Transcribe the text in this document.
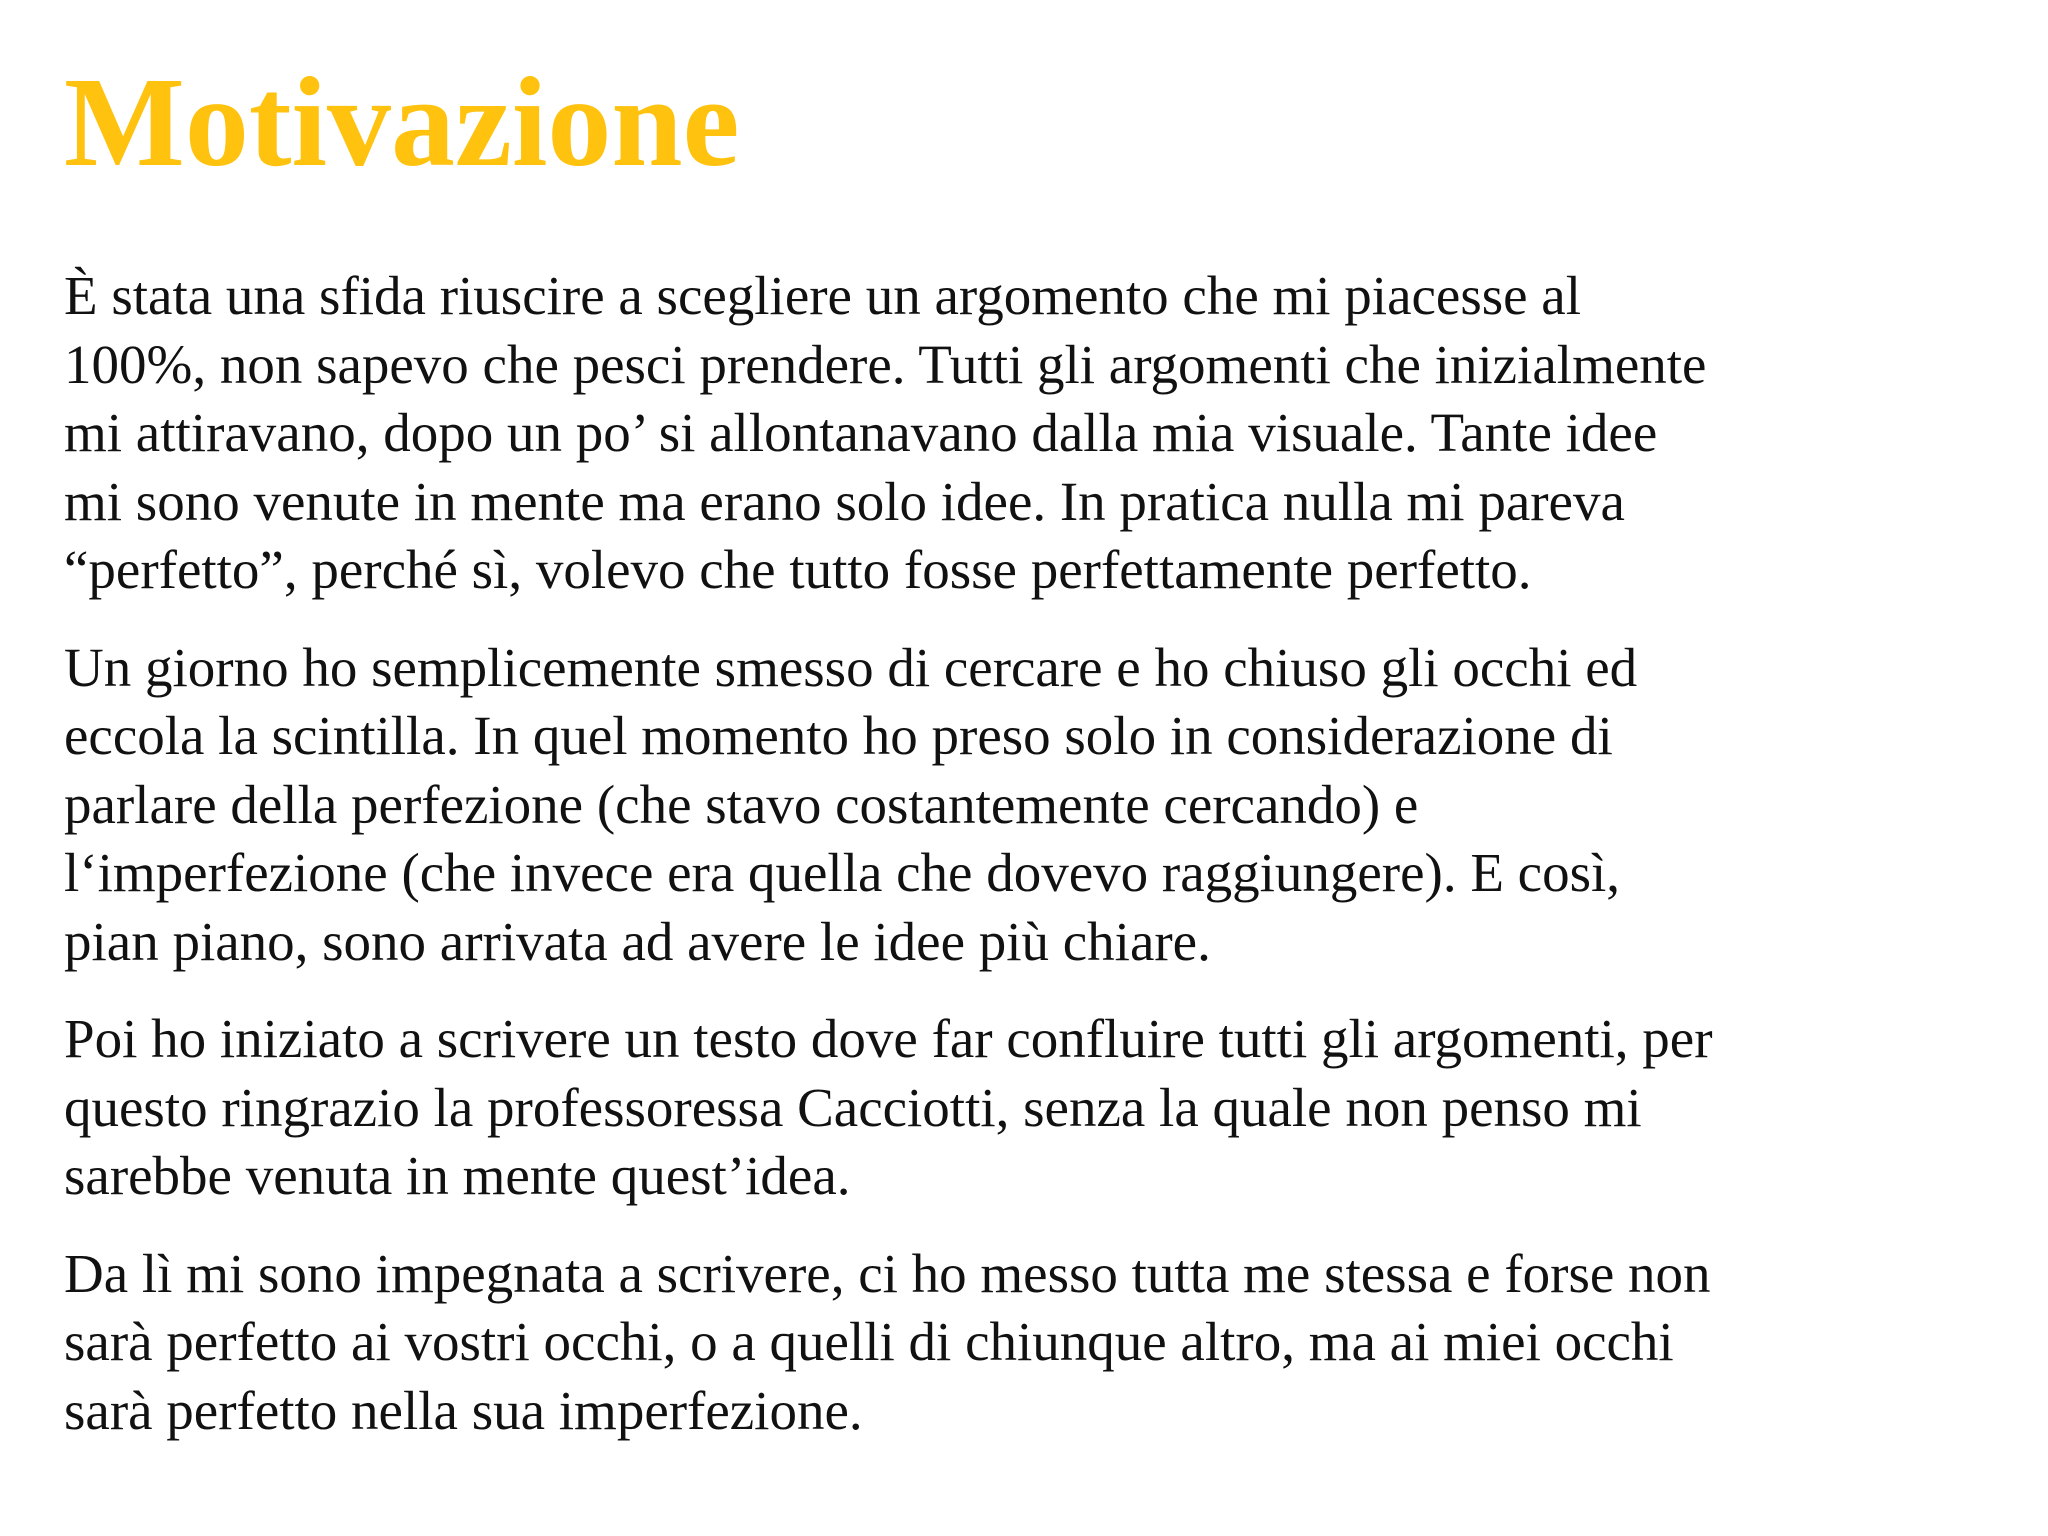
Motivazione

È stata una sfida riuscire a scegliere un argomento che mi piacesse al
100%, non sapevo che pesci prendere. Tutti gli argomenti che inizialmente
mi attiravano, dopo un po’ si allontanavano dalla mia visuale. Tante idee
mi sono venute in mente ma erano solo idee. In pratica nulla mi pareva
“perfetto”, perché sì, volevo che tutto fosse perfettamente perfetto.

Un giorno ho semplicemente smesso di cercare e ho chiuso gli occhi ed
eccola la scintilla. In quel momento ho preso solo in considerazione di
parlare della perfezione (che stavo costantemente cercando) e
l‘imperfezione (che invece era quella che dovevo raggiungere). E così,
pian piano, sono arrivata ad avere le idee più chiare.

Poi ho iniziato a scrivere un testo dove far confluire tutti gli argomenti, per
questo ringrazio la professoressa Cacciotti, senza la quale non penso mi
sarebbe venuta in mente quest’idea.

Da lì mi sono impegnata a scrivere, ci ho messo tutta me stessa e forse non
sarà perfetto ai vostri occhi, o a quelli di chiunque altro, ma ai miei occhi
sarà perfetto nella sua imperfezione.
